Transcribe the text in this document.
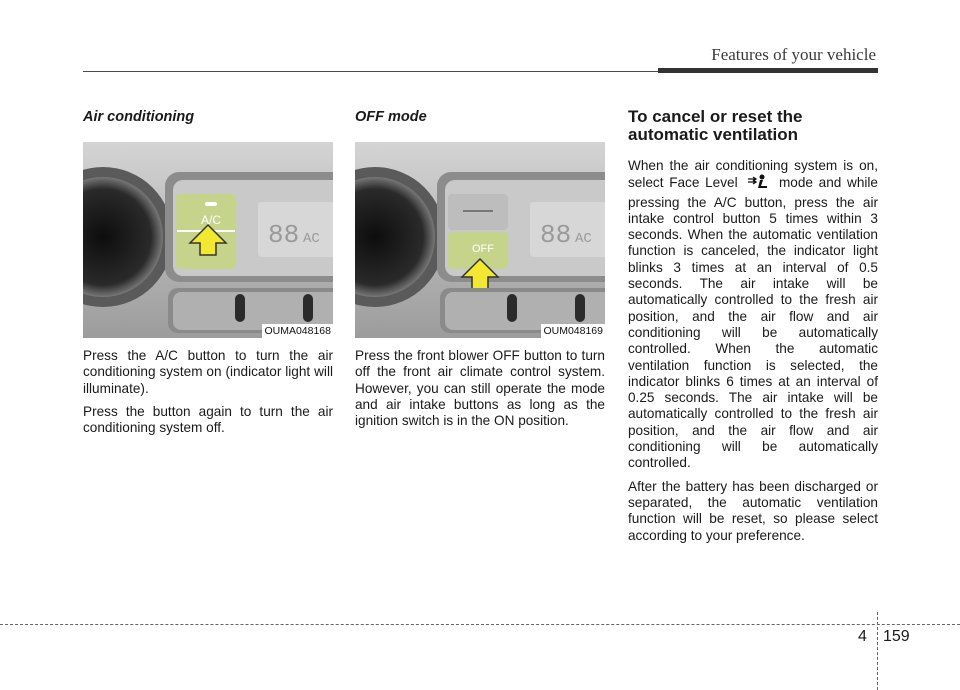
Features of your vehicle
Air conditioning
88 AC
A/C
OUMA048168

Press the A/C button to turn the air conditioning system on (indicator light will illuminate).

Press the button again to turn the air conditioning system off.

OFF mode
88 AC
OFF
OUM048169

Press the front blower OFF button to turn off the front air climate control system. However, you can still operate the mode and air intake buttons as long as the ignition switch is in the ON position.

To cancel or reset the automatic ventilation

When the air conditioning system is on, select Face Level	mode and while pressing the A/C button, press the air intake control button 5 times within 3 seconds. When the automatic ventilation function is canceled, the indicator light blinks 3 times at an interval of 0.5 seconds. The air intake will be automatically controlled to the fresh air position, and the air flow and air conditioning will be automatically controlled. When the automatic ventilation function is selected, the indicator blinks 6 times at an interval of 0.25 seconds. The air intake will be automatically controlled to the fresh air position, and the air flow and air conditioning will be automatically controlled.

After the battery has been discharged or separated, the automatic ventilation function will be reset, so please select according to your preference.

4 159
